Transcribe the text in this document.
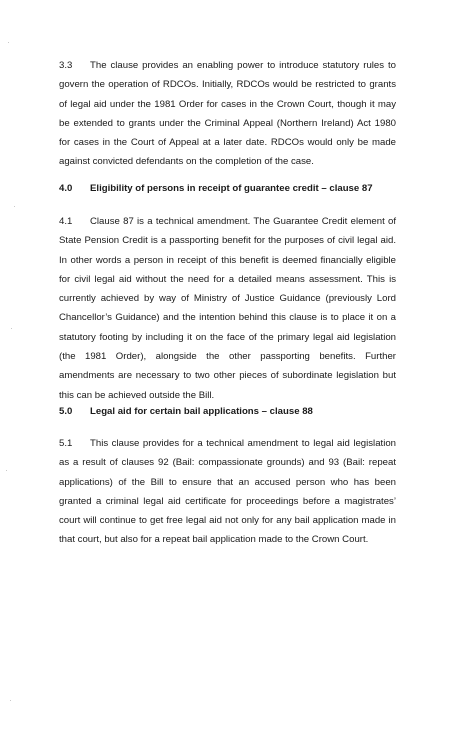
3.3 The clause provides an enabling power to introduce statutory rules to govern the operation of RDCOs. Initially, RDCOs would be restricted to grants of legal aid under the 1981 Order for cases in the Crown Court, though it may be extended to grants under the Criminal Appeal (Northern Ireland) Act 1980 for cases in the Court of Appeal at a later date. RDCOs would only be made against convicted defendants on the completion of the case.
4.0 Eligibility of persons in receipt of guarantee credit – clause 87
4.1 Clause 87 is a technical amendment. The Guarantee Credit element of State Pension Credit is a passporting benefit for the purposes of civil legal aid. In other words a person in receipt of this benefit is deemed financially eligible for civil legal aid without the need for a detailed means assessment. This is currently achieved by way of Ministry of Justice Guidance (previously Lord Chancellor’s Guidance) and the intention behind this clause is to place it on a statutory footing by including it on the face of the primary legal aid legislation (the 1981 Order), alongside the other passporting benefits. Further amendments are necessary to two other pieces of subordinate legislation but this can be achieved outside the Bill.
5.0 Legal aid for certain bail applications – clause 88
5.1 This clause provides for a technical amendment to legal aid legislation as a result of clauses 92 (Bail: compassionate grounds) and 93 (Bail: repeat applications) of the Bill to ensure that an accused person who has been granted a criminal legal aid certificate for proceedings before a magistrates’ court will continue to get free legal aid not only for any bail application made in that court, but also for a repeat bail application made to the Crown Court.
